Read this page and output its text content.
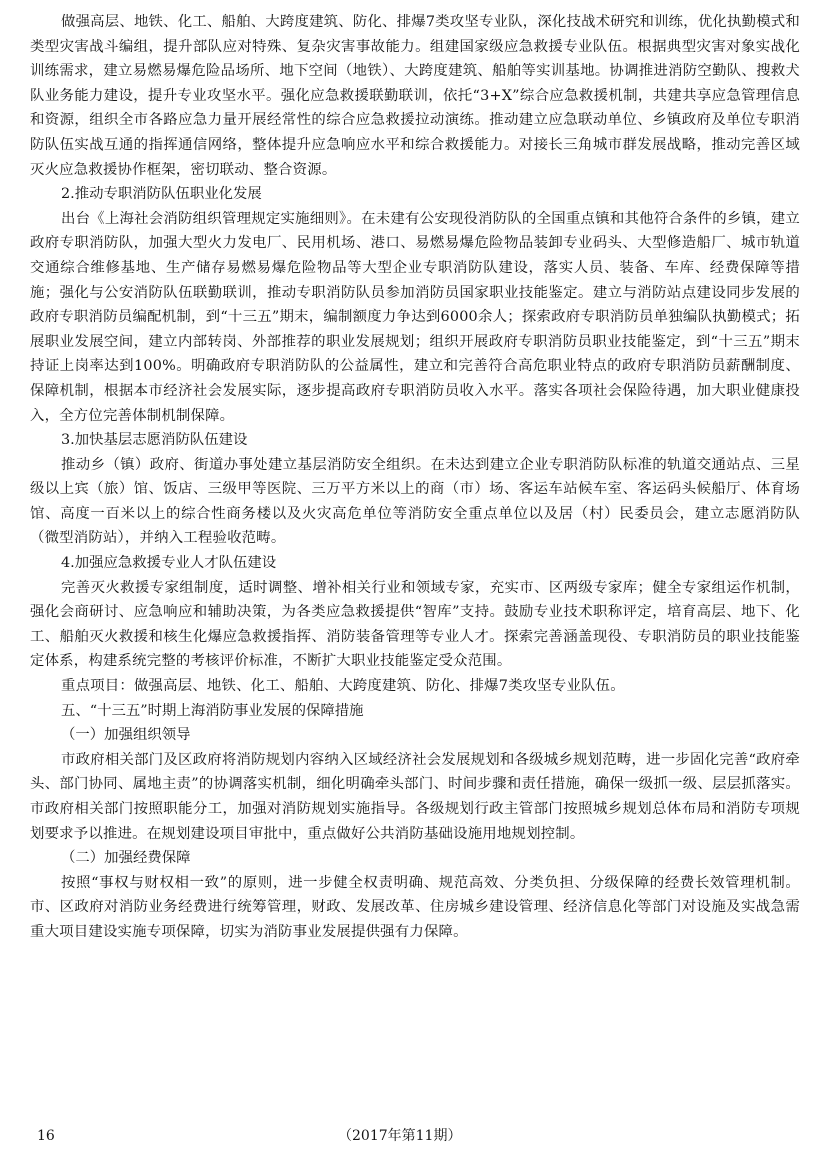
做强高层、地铁、化工、船舶、大跨度建筑、防化、排爆7类攻坚专业队，深化技战术研究和训练，优化执勤模式和类型灾害战斗编组，提升部队应对特殊、复杂灾害事故能力。组建国家级应急救援专业队伍。根据典型灾害对象实战化训练需求，建立易燃易爆危险品场所、地下空间（地铁）、大跨度建筑、船舶等实训基地。协调推进消防空勤队、搜救犬队业务能力建设，提升专业攻坚水平。强化应急救援联勤联训，依托“3+X”综合应急救援机制，共建共享应急管理信息和资源，组织全市各路应急力量开展经常性的综合应急救援拉动演练。推动建立应急联动单位、乡镇政府及单位专职消防队伍实战互通的指挥通信网络，整体提升应急响应水平和综合救援能力。对接长三角城市群发展战略，推动完善区域灭火应急救援协作框架，密切联动、整合资源。

2.推动专职消防队伍职业化发展

出台《上海社会消防组织管理规定实施细则》。在未建有公安现役消防队的全国重点镇和其他符合条件的乡镇，建立政府专职消防队，加强大型火力发电厂、民用机场、港口、易燃易爆危险物品装卸专业码头、大型修造船厂、城市轨道交通综合维修基地、生产储存易燃易爆危险物品等大型企业专职消防队建设，落实人员、装备、车库、经费保障等措施；强化与公安消防队伍联勤联训，推动专职消防队员参加消防员国家职业技能鉴定。建立与消防站点建设同步发展的政府专职消防员编配机制，到“十三五”期末，编制额度力争达到6000余人；探索政府专职消防员单独编队执勤模式；拓展职业发展空间，建立内部转岗、外部推荐的职业发展规划；组织开展政府专职消防员职业技能鉴定，到“十三五”期末持证上岗率达到100%。明确政府专职消防队的公益属性，建立和完善符合高危职业特点的政府专职消防员薪酬制度、保障机制，根据本市经济社会发展实际，逐步提高政府专职消防员收入水平。落实各项社会保险待遇，加大职业健康投入，全方位完善体制机制保障。

3.加快基层志愿消防队伍建设

推动乡（镇）政府、街道办事处建立基层消防安全组织。在未达到建立企业专职消防队标准的轨道交通站点、三星级以上宾（旅）馆、饭店、三级甲等医院、三万平方米以上的商（市）场、客运车站候车室、客运码头候船厅、体育场馆、高度一百米以上的综合性商务楼以及火灾高危单位等消防安全重点单位以及居（村）民委员会，建立志愿消防队（微型消防站），并纳入工程验收范畴。

4.加强应急救援专业人才队伍建设

完善灭火救援专家组制度，适时调整、增补相关行业和领域专家，充实市、区两级专家库；健全专家组运作机制，强化会商研讨、应急响应和辅助决策，为各类应急救援提供“智库”支持。鼓励专业技术职称评定，培育高层、地下、化工、船舶灭火救援和核生化爆应急救援指挥、消防装备管理等专业人才。探索完善涵盖现役、专职消防员的职业技能鉴定体系，构建系统完整的考核评价标准，不断扩大职业技能鉴定受众范围。

重点项目：做强高层、地铁、化工、船舶、大跨度建筑、防化、排爆7类攻坚专业队伍。

五、“十三五”时期上海消防事业发展的保障措施

（一）加强组织领导

市政府相关部门及区政府将消防规划内容纳入区域经济社会发展规划和各级城乡规划范畴，进一步固化完善“政府牵头、部门协同、属地主责”的协调落实机制，细化明确牵头部门、时间步骤和责任措施，确保一级抓一级、层层抓落实。市政府相关部门按照职能分工，加强对消防规划实施指导。各级规划行政主管部门按照城乡规划总体布局和消防专项规划要求予以推进。在规划建设项目审批中，重点做好公共消防基础设施用地规划控制。

（二）加强经费保障

按照“事权与财权相一致”的原则，进一步健全权责明确、规范高效、分类负担、分级保障的经费长效管理机制。市、区政府对消防业务经费进行统筹管理，财政、发展改革、住房城乡建设管理、经济信息化等部门对设施及实战急需重大项目建设实施专项保障，切实为消防事业发展提供强有力保障。

16	（2017年第11期）
